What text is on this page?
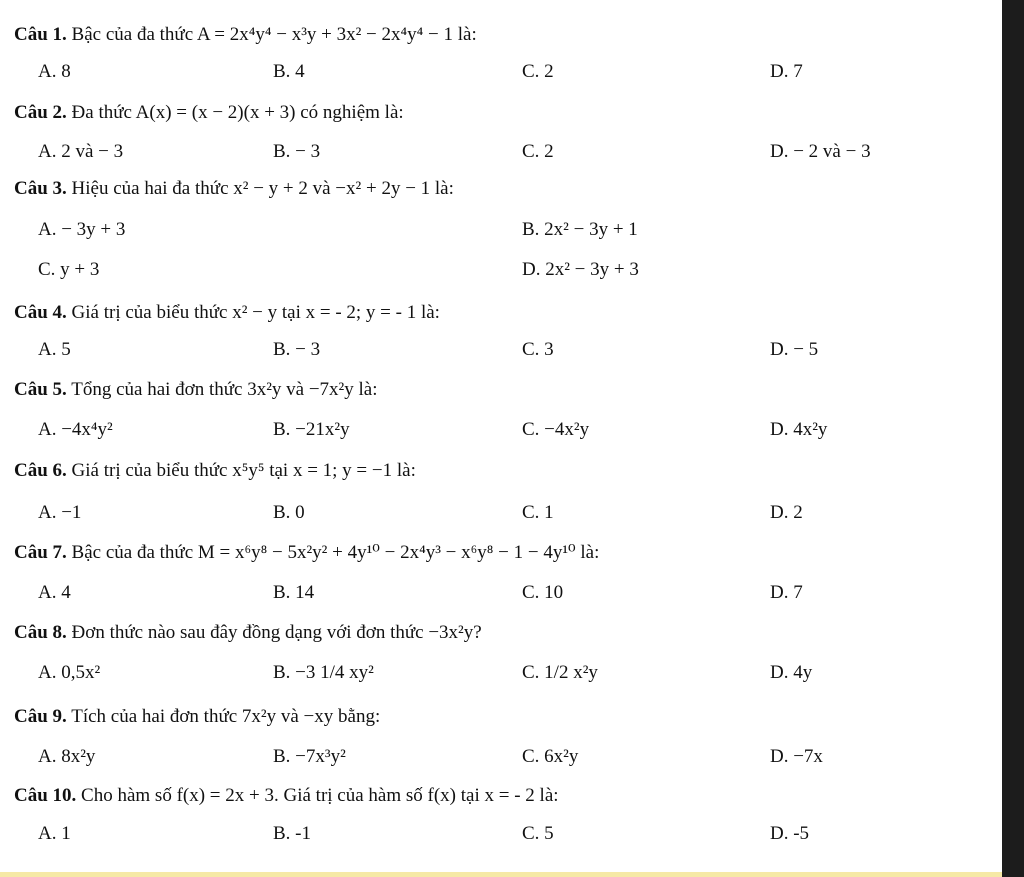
Câu 1. Bậc của đa thức A = 2x⁴y⁴ − x³y + 3x² − 2x⁴y⁴ − 1 là:
A. 8	B. 4	C. 2	D. 7
Câu 2. Đa thức A(x) = (x − 2)(x + 3) có nghiệm là:
A. 2 và − 3	B. − 3	C. 2	D. − 2 và − 3
Câu 3. Hiệu của hai đa thức x² − y + 2 và −x² + 2y − 1 là:
A. − 3y + 3	B. 2x² − 3y + 1
C. y + 3	D. 2x² − 3y + 3
Câu 4. Giá trị của biểu thức x² − y tại x = - 2; y = - 1 là:
A. 5	B. − 3	C. 3	D. − 5
Câu 5. Tổng của hai đơn thức 3x²y và −7x²y là:
A. −4x⁴y²	B. −21x²y	C. −4x²y	D. 4x²y
Câu 6. Giá trị của biểu thức x⁵y⁵ tại x = 1; y = −1 là:
A. −1	B. 0	C. 1	D. 2
Câu 7. Bậc của đa thức M = x⁶y⁸ − 5x²y² + 4y¹⁰ − 2x⁴y³ − x⁶y⁸ − 1 − 4y¹⁰ là:
A. 4	B. 14	C. 10	D. 7
Câu 8. Đơn thức nào sau đây đồng dạng với đơn thức −3x²y?
A. 0,5x²	B. −3 1/4 xy²	C. 1/2 x²y	D. 4y
Câu 9. Tích của hai đơn thức 7x²y và −xy bằng:
A. 8x²y	B. −7x³y²	C. 6x²y	D. −7x
Câu 10. Cho hàm số f(x) = 2x + 3. Giá trị của hàm số f(x) tại x = - 2 là:
A. 1	B. -1	C. 5	D. -5
